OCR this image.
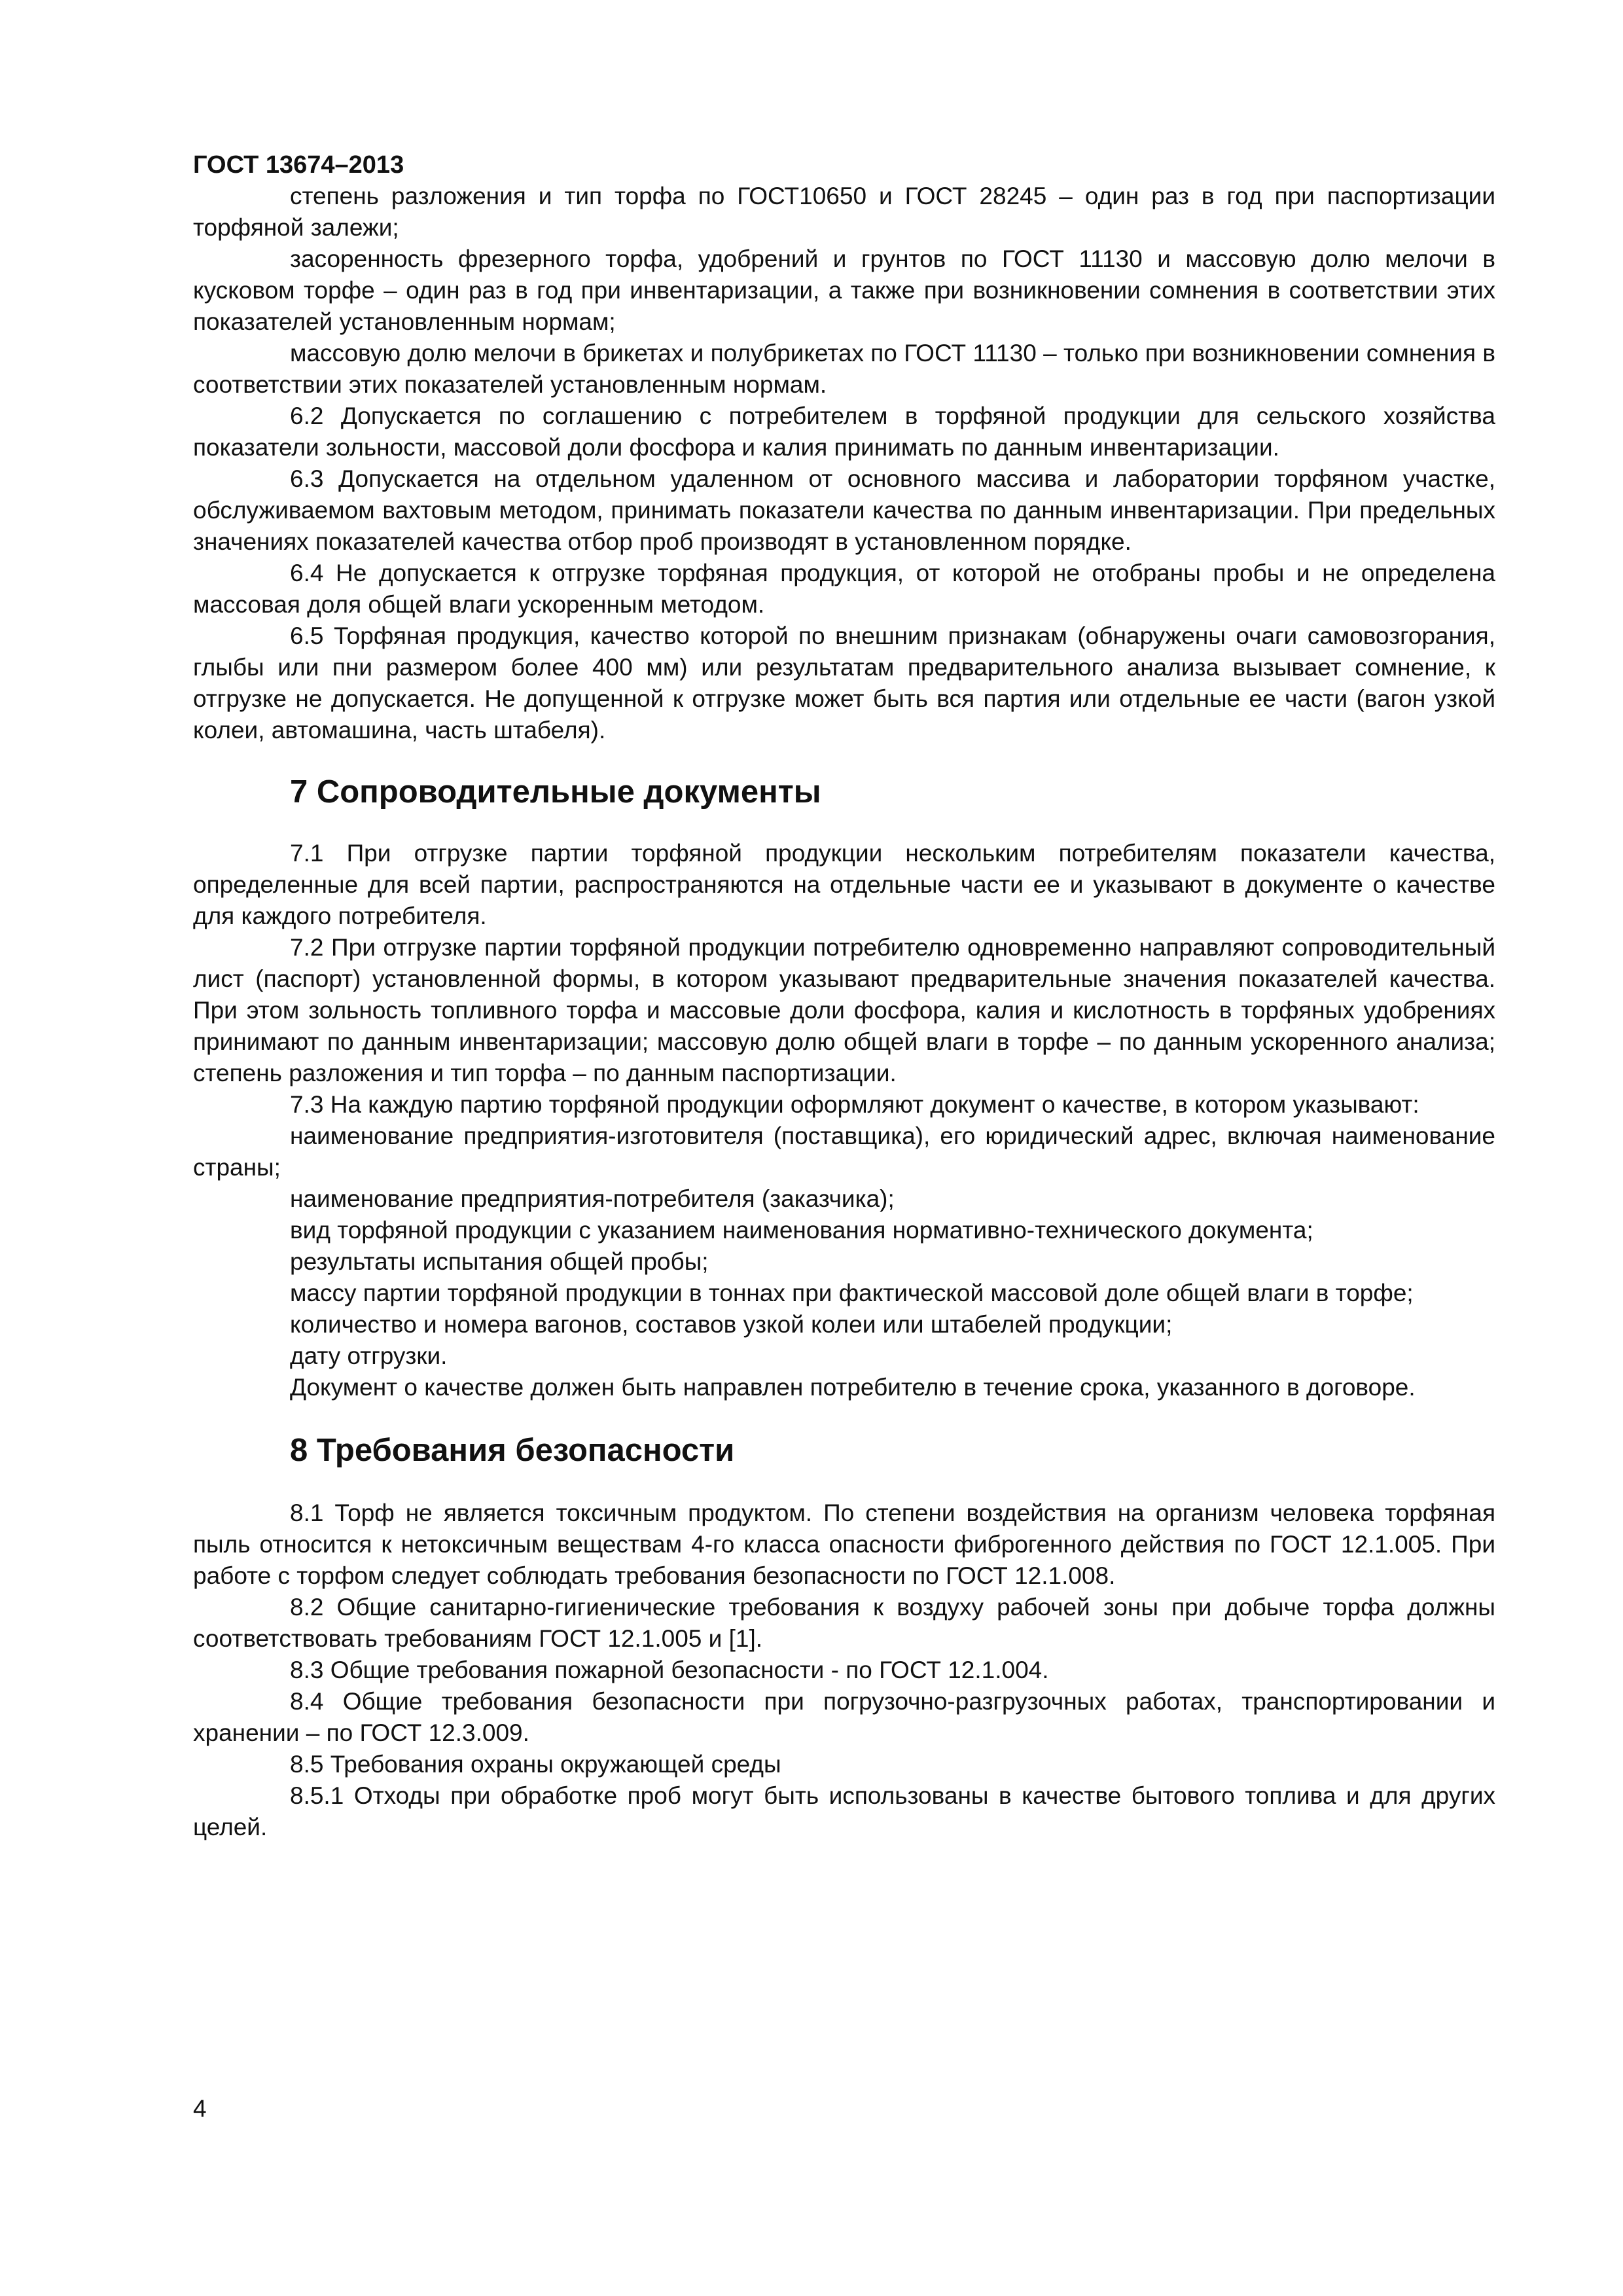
ГОСТ 13674–2013

степень разложения и тип торфа по ГОСТ10650 и ГОСТ 28245 – один раз в год при паспортизации торфяной залежи;

засоренность фрезерного торфа, удобрений и грунтов по ГОСТ 11130 и массовую долю мелочи в кусковом торфе – один раз в год при инвентаризации, а также при возникновении сомнения в соответствии этих показателей установленным нормам;

массовую долю мелочи в брикетах и полубрикетах по ГОСТ 11130 – только при возникновении сомнения в соответствии этих показателей установленным нормам.

6.2 Допускается по соглашению с потребителем в торфяной продукции для сельского хозяйства показатели зольности, массовой доли фосфора и калия принимать по данным инвентаризации.

6.3 Допускается на отдельном удаленном от основного массива и лаборатории торфяном участке, обслуживаемом вахтовым методом, принимать показатели качества по данным инвентаризации. При предельных значениях показателей качества отбор проб производят в установленном порядке.

6.4 Не допускается к отгрузке торфяная продукция, от которой не отобраны пробы и не определена массовая доля общей влаги ускоренным методом.

6.5 Торфяная продукция, качество которой по внешним признакам (обнаружены очаги самовозгорания, глыбы или пни размером более 400 мм) или результатам предварительного анализа вызывает сомнение, к отгрузке не допускается. Не допущенной к отгрузке может быть вся партия или отдельные ее части (вагон узкой колеи, автомашина, часть штабеля).

7 Сопроводительные документы

7.1 При отгрузке партии торфяной продукции нескольким потребителям показатели качества, определенные для всей партии, распространяются на отдельные части ее и указывают в документе о качестве для каждого потребителя.

7.2 При отгрузке партии торфяной продукции потребителю одновременно направляют сопроводительный лист (паспорт) установленной формы, в котором указывают предварительные значения показателей качества. При этом зольность топливного торфа и массовые доли фосфора, калия и кислотность в торфяных удобрениях принимают по данным инвентаризации; массовую долю общей влаги в торфе – по данным ускоренного анализа; степень разложения и тип торфа – по данным паспортизации.

7.3 На каждую партию торфяной продукции оформляют документ о качестве, в котором указывают:

наименование предприятия-изготовителя (поставщика), его юридический адрес, включая наименование страны;

наименование предприятия-потребителя (заказчика);

вид торфяной продукции с указанием наименования нормативно-технического документа;

результаты испытания общей пробы;

массу партии торфяной продукции в тоннах при фактической массовой доле общей влаги в торфе;

количество и номера вагонов, составов узкой колеи или штабелей продукции;

дату отгрузки.

Документ о качестве должен быть направлен потребителю в течение срока, указанного в договоре.

8 Требования безопасности

8.1 Торф не является токсичным продуктом. По степени воздействия на организм человека торфяная пыль относится к нетоксичным веществам 4-го класса опасности фиброгенного действия по ГОСТ 12.1.005. При работе с торфом следует соблюдать требования безопасности по ГОСТ 12.1.008.

8.2 Общие санитарно-гигиенические требования к воздуху рабочей зоны при добыче торфа должны соответствовать требованиям ГОСТ 12.1.005 и [1].

8.3 Общие требования пожарной безопасности - по ГОСТ 12.1.004.

8.4 Общие требования безопасности при погрузочно-разгрузочных работах, транспортировании и хранении – по ГОСТ 12.3.009.

8.5 Требования охраны окружающей среды

8.5.1 Отходы при обработке проб могут быть использованы в качестве бытового топлива и для других целей.

4
